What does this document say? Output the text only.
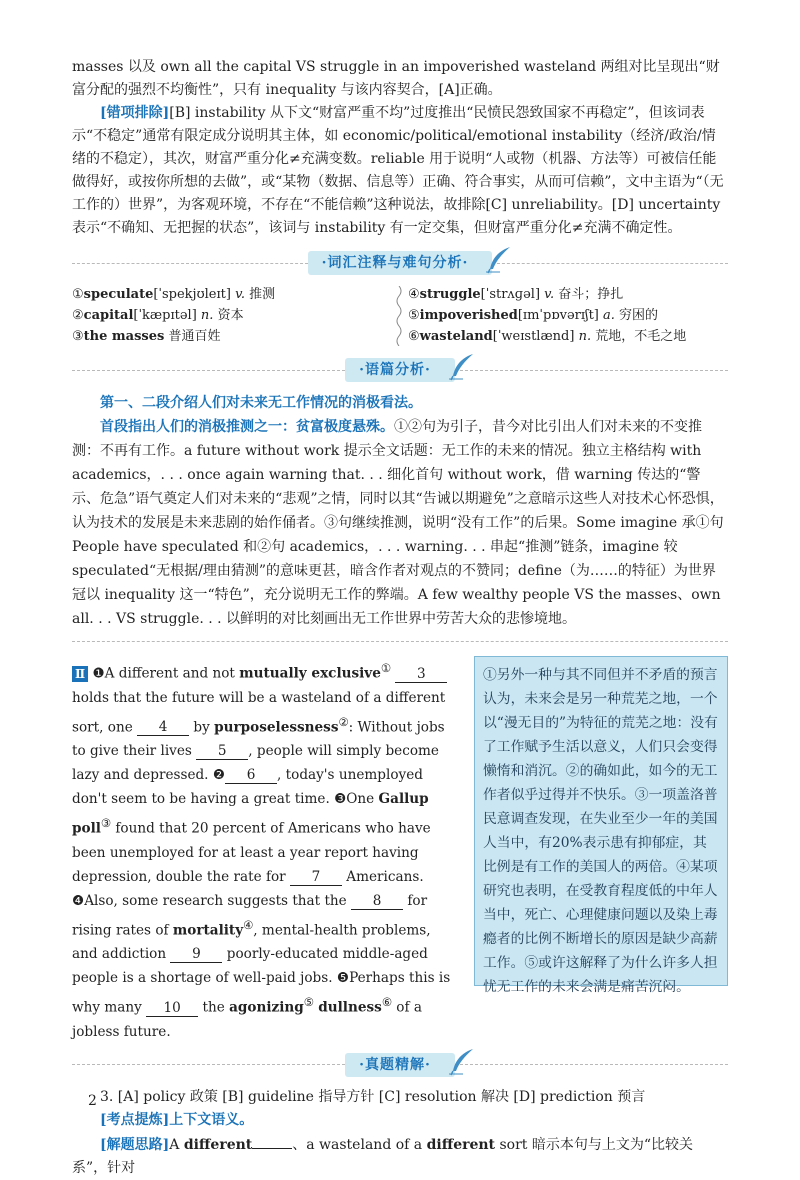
masses 以及 own all the capital VS struggle in an impoverished wasteland 两组对比呈现出“财富分配的强烈不均衡性”，只有 inequality 与该内容契合，[A]正确。

[错项排除][B] instability 从下文“财富严重不均”过度推出“民愤民怨致国家不再稳定”，但该词表示“不稳定”通常有限定成分说明其主体，如 economic/political/emotional instability（经济/政治/情绪的不稳定），其次，财富严重分化≠充满变数。reliable 用于说明“人或物（机器、方法等）可被信任能做得好，或按你所想的去做”，或“某物（数据、信息等）正确、符合事实，从而可信赖”，文中主语为“（无工作的）世界”，为客观环境，不存在“不能信赖”这种说法，故排除[C] unreliability。[D] uncertainty 表示“不确知、无把握的状态”，该词与 instability 有一定交集，但财富严重分化≠充满不确定性。

·词汇注释与难句分析·
①speculate[ˈspekjʊleɪt] v. 推测
②capital[ˈkæpɪtəl] n. 资本
③the masses 普通百姓
④struggle[ˈstrʌɡəl] v. 奋斗；挣扎
⑤impoverished[ɪmˈpɒvərɪʃt] a. 穷困的
⑥wasteland[ˈweɪstlænd] n. 荒地，不毛之地
·语篇分析·

第一、二段介绍人们对未来无工作情况的消极看法。

首段指出人们的消极推测之一：贫富极度悬殊。①②句为引子，昔今对比引出人们对未来的不变推测：不再有工作。a future without work 提示全文话题：无工作的未来的情况。独立主格结构 with academics，. . . once again warning that. . . 细化首句 without work，借 warning 传达的“警示、危急”语气奠定人们对未来的“悲观”之情，同时以其“告诫以期避免”之意暗示这些人对技术心怀恐惧，认为技术的发展是未来悲剧的始作俑者。③句继续推测，说明“没有工作”的后果。Some imagine 承①句 People have speculated 和②句 academics，. . . warning. . . 串起“推测”链条，imagine 较 speculated“无根据/理由猜测”的意味更甚，暗含作者对观点的不赞同；define（为……的特征）为世界冠以 inequality 这一“特色”，充分说明无工作的弊端。A few wealthy people VS the masses、own all. . . VS struggle. . . 以鲜明的对比刻画出无工作世界中劳苦大众的悲惨境地。

Ⅱ ❶A different and not mutually exclusive① 3 holds that the future will be a wasteland of a different sort, one 4 by purposelessness②: Without jobs to give their lives 5 , people will simply become lazy and depressed. ❷ 6 , today's unemployed don't seem to be having a great time. ❸One Gallup poll③ found that 20 percent of Americans who have been unemployed for at least a year report having depression, double the rate for 7 Americans. ❹Also, some research suggests that the 8 for rising rates of mortality④, mental-health problems, and addiction 9 poorly-educated middle-aged people is a shortage of well-paid jobs. ❺Perhaps this is why many 10 the agonizing⑤ dullness⑥ of a jobless future.
①另外一种与其不同但并不矛盾的预言认为，未来会是另一种荒芜之地，一个以“漫无目的”为特征的荒芜之地：没有了工作赋予生活以意义，人们只会变得懒惰和消沉。②的确如此，如今的无工作者似乎过得并不快乐。③一项盖洛普民意调查发现，在失业至少一年的美国人当中，有20%表示患有抑郁症，其比例是有工作的美国人的两倍。④某项研究也表明，在受教育程度低的中年人当中，死亡、心理健康问题以及染上毒瘾者的比例不断增长的原因是缺少高薪工作。⑤或许这解释了为什么许多人担忧无工作的未来会满是痛苦沉闷。
·真题精解·

3. [A] policy 政策 [B] guideline 指导方针 [C] resolution 解决 [D] prediction 预言

[考点提炼]上下文语义。

[解题思路]A different	、a wasteland of a different sort 暗示本句与上文为“比较关系”，针对

2
